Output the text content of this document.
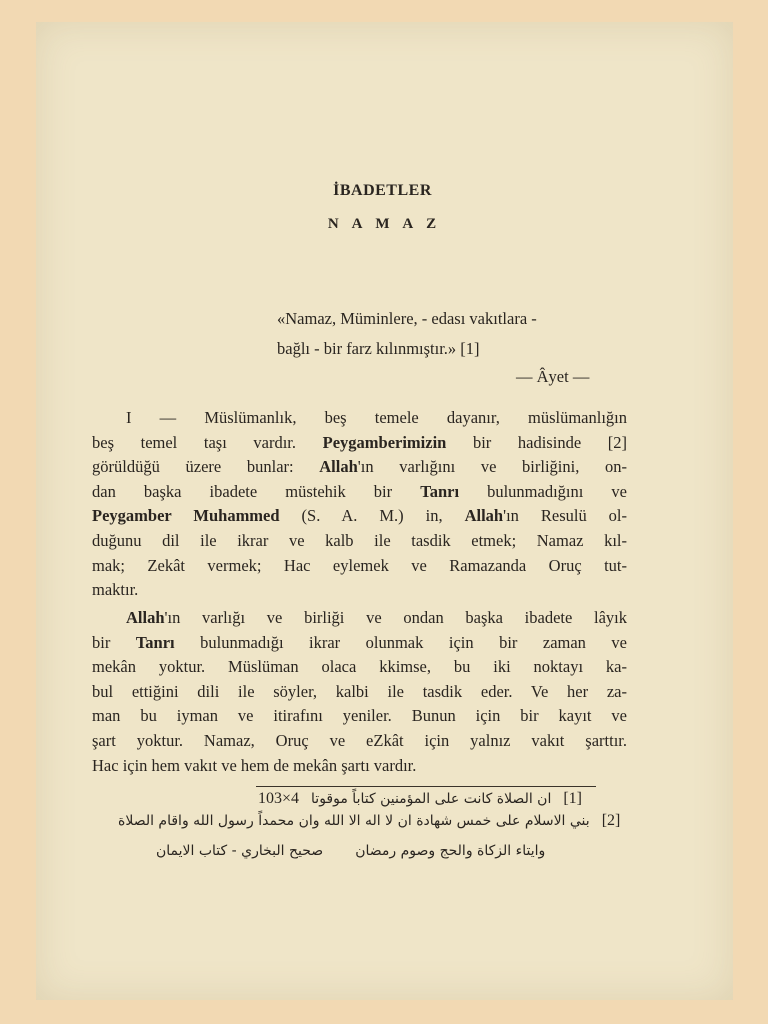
İBADETLER
N A M A Z
«Namaz, Müminlere, - edası vakıtlara -
bağlı - bir farz kılınmıştır.» [1]
— Âyet —
I — Müslümanlık, beş temele dayanır, müslümanlığın
beş temel taşı vardır. Peygamberimizin bir hadisinde [2]
görüldüğü üzere bunlar: Allah'ın varlığını ve birliğini, on-
dan başka ibadete müstehik bir Tanrı bulunmadığını ve
Peygamber Muhammed (S. A. M.) in, Allah'ın Resulü ol-
duğunu dil ile ikrar ve kalb ile tasdik etmek; Namaz kıl-
mak; Zekât vermek; Hac eylemek ve Ramazanda Oruç tut-
maktır.
Allah'ın varlığı ve birliği ve ondan başka ibadete lâyık
bir Tanrı bulunmadığı ikrar olunmak için bir zaman ve
mekân yoktur. Müslüman olaca kkimse, bu iki noktayı ka-
bul ettiğini dili ile söyler, kalbi ile tasdik eder. Ve her za-
man bu iyman ve itirafını yeniler. Bunun için bir kayıt ve
şart yoktur. Namaz, Oruç ve eZkât için yalnız vakıt şarttır.
Hac için hem vakıt ve hem de mekân şartı vardır.
103×4 ان الصلاة كانت على المؤمنين كتاباً موقوتا [1]
بني الاسلام على خمس شهادة ان لا اله الا الله وان محمداً رسول الله واقام الصلاة [2]
صحيح البخاري - كتاب الايمان وايتاء الزكاة والحج وصوم رمضان
